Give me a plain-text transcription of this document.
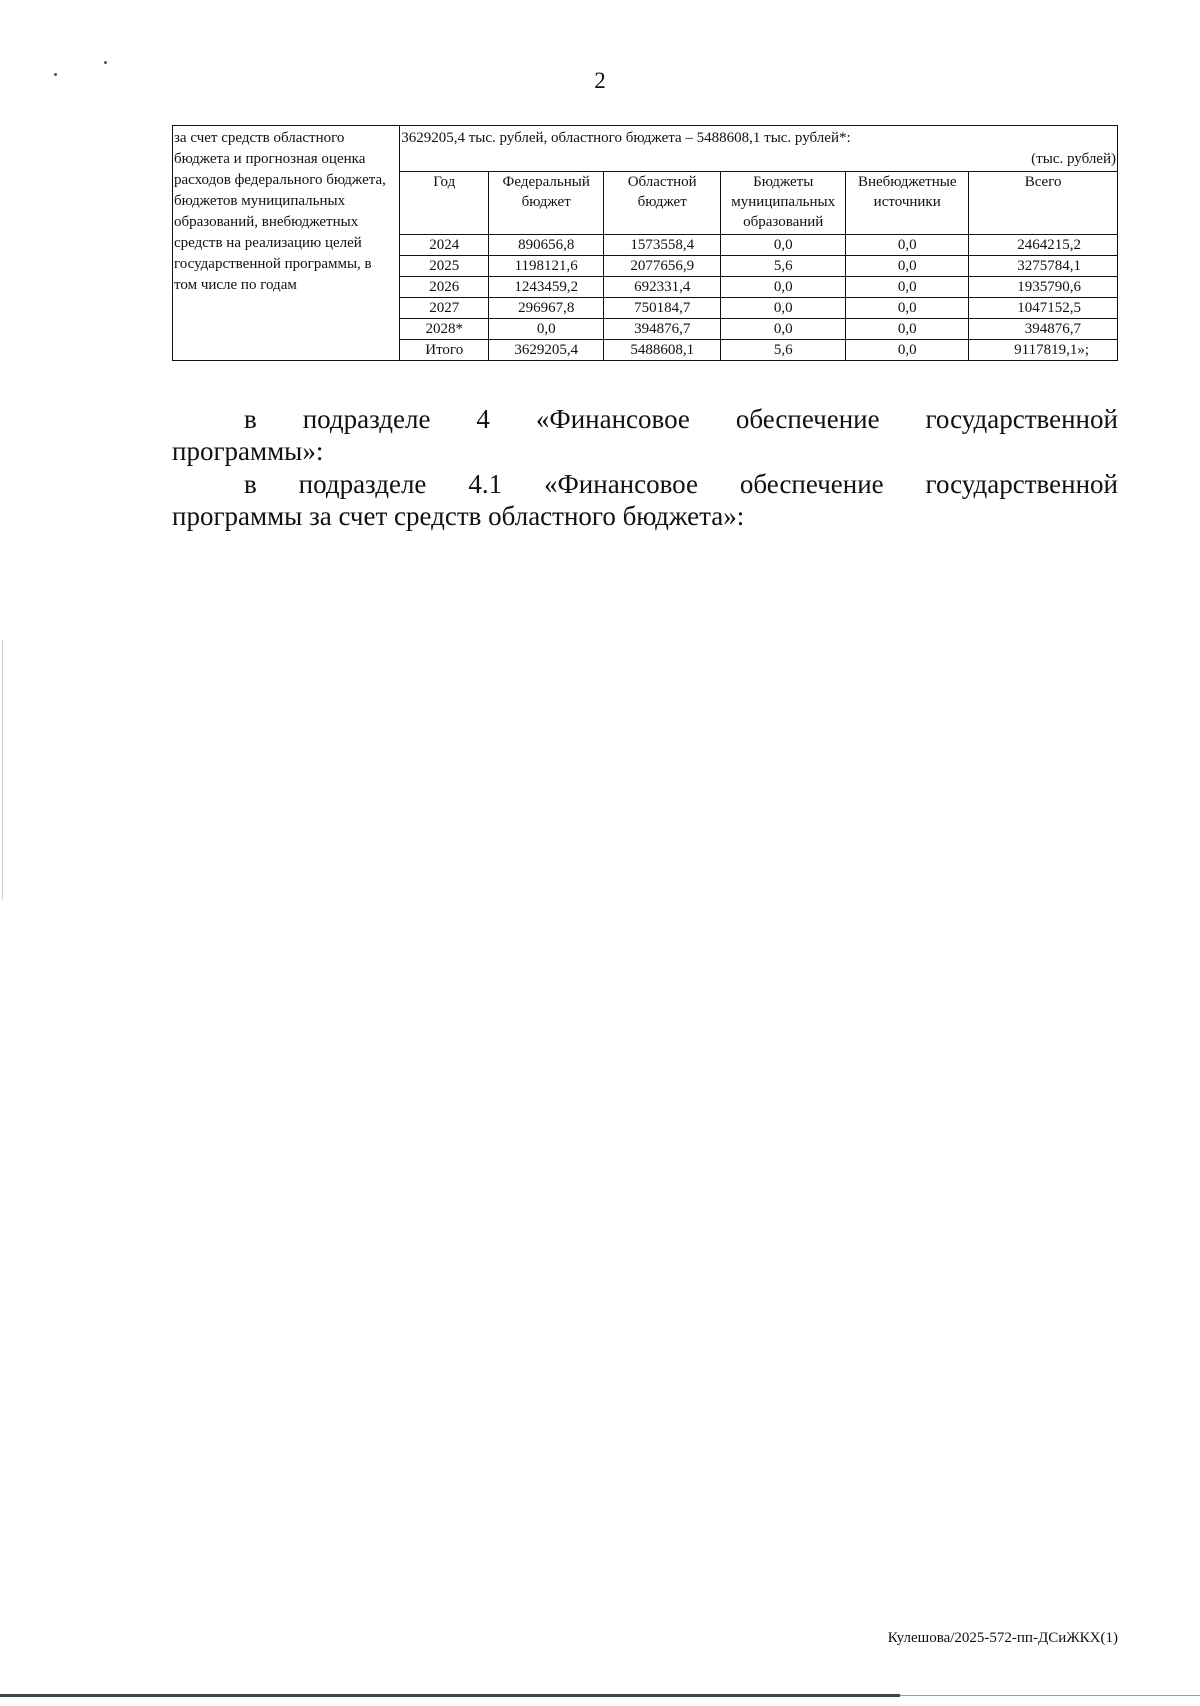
2
за счет средств областного бюджета и прогнозная оценка расходов федерального бюджета, бюджетов муниципальных образований, внебюджетных средств на реализацию целей государственной программы, в том числе по годам	
3629205,4 тыс. рублей, областного бюджета – 5488608,1 тыс. рублей*:
(тыс. рублей)
Год	Федеральный бюджет	Областной бюджет	Бюджеты муниципальных образований	Внебюджетные источники	Всего
2024	890656,8	1573558,4	0,0	0,0	2464215,2
2025	1198121,6	2077656,9	5,6	0,0	3275784,1
2026	1243459,2	692331,4	0,0	0,0	1935790,6
2027	296967,8	750184,7	0,0	0,0	1047152,5
2028*	0,0	394876,7	0,0	0,0	394876,7
Итого	3629205,4	5488608,1	5,6	0,0	9117819,1»;
в подразделе 4 «Финансовое обеспечение государственной
программы»:
в подразделе 4.1 «Финансовое обеспечение государственной
программы за счет средств областного бюджета»:
Кулешова/2025-572-пп-ДСиЖКХ(1)
